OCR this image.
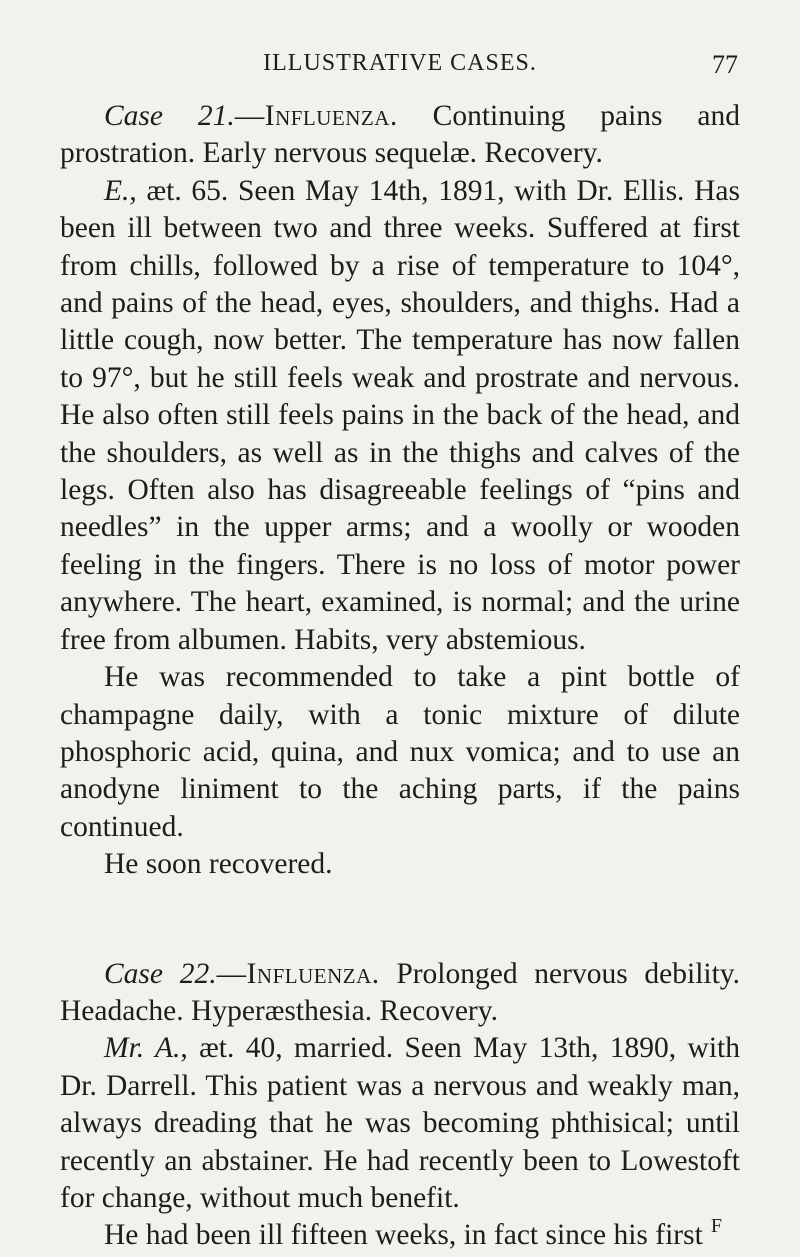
ILLUSTRATIVE CASES.	77

Case 21.—Influenza. Continuing pains and prostration. Early nervous sequelæ. Recovery.

E., æt. 65. Seen May 14th, 1891, with Dr. Ellis. Has been ill between two and three weeks. Suffered at first from chills, followed by a rise of temperature to 104°, and pains of the head, eyes, shoulders, and thighs. Had a little cough, now better. The temperature has now fallen to 97°, but he still feels weak and prostrate and nervous. He also often still feels pains in the back of the head, and the shoulders, as well as in the thighs and calves of the legs. Often also has disagreeable feelings of “pins and needles” in the upper arms; and a woolly or wooden feeling in the fingers. There is no loss of motor power anywhere. The heart, examined, is normal; and the urine free from albumen. Habits, very abstemious.

He was recommended to take a pint bottle of champagne daily, with a tonic mixture of dilute phosphoric acid, quina, and nux vomica; and to use an anodyne liniment to the aching parts, if the pains continued.

He soon recovered.

Case 22.—Influenza. Prolonged nervous debility. Headache. Hyperæsthesia. Recovery.

Mr. A., æt. 40, married. Seen May 13th, 1890, with Dr. Darrell. This patient was a nervous and weakly man, always dreading that he was becoming phthisical; until recently an abstainer. He had recently been to Lowestoft for change, without much benefit.

He had been ill fifteen weeks, in fact since his first F
